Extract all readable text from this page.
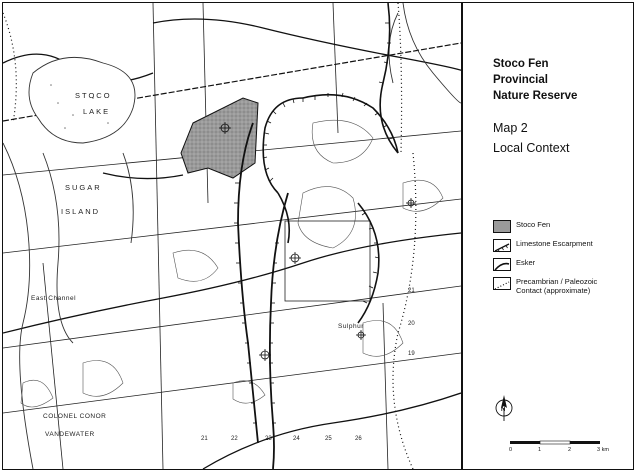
STOCO
LAKE
SUGAR
ISLAND
East Channel
COLONEL CONOR
VANDEWATER
Sulphur
21	22	23	24	25	26
19
20
21
Stoco Fen
Provincial
Nature Reserve
Map 2
Local Context
Stoco Fen
Limestone Escarpment
Esker
Precambrian / Paleozoic
Contact (approximate)
N
0	1	2	3 km
